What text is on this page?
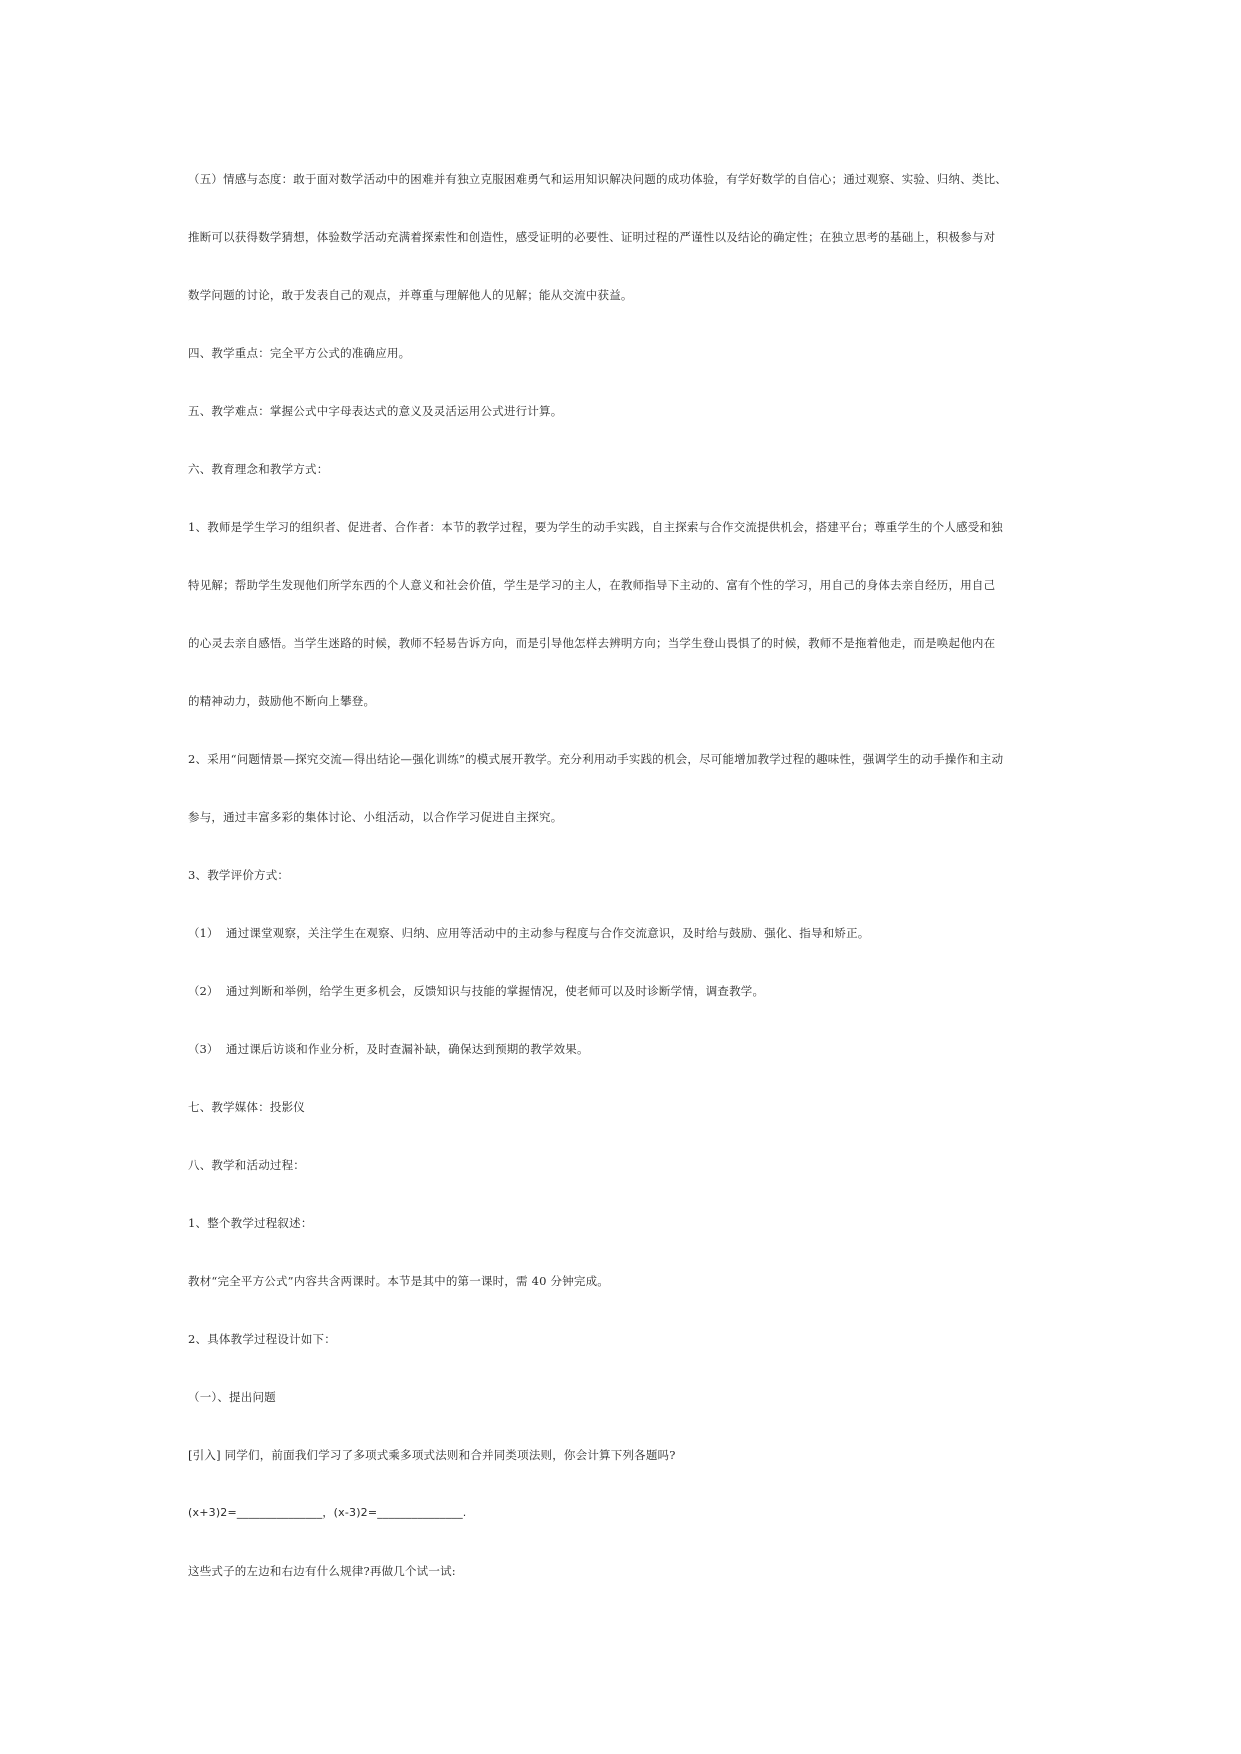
（五）情感与态度：敢于面对数学活动中的困难并有独立克服困难勇气和运用知识解决问题的成功体验，有学好数学的自信心；通过观察、实验、归纳、类比、
推断可以获得数学猜想，体验数学活动充满着探索性和创造性，感受证明的必要性、证明过程的严谨性以及结论的确定性；在独立思考的基础上，积极参与对
数学问题的讨论，敢于发表自己的观点，并尊重与理解他人的见解；能从交流中获益。
四、教学重点：完全平方公式的准确应用。
五、教学难点：掌握公式中字母表达式的意义及灵活运用公式进行计算。
六、教育理念和教学方式：
1、教师是学生学习的组织者、促进者、合作者：本节的教学过程，要为学生的动手实践，自主探索与合作交流提供机会，搭建平台；尊重学生的个人感受和独
特见解；帮助学生发现他们所学东西的个人意义和社会价值，学生是学习的主人，在教师指导下主动的、富有个性的学习，用自己的身体去亲自经历，用自己
的心灵去亲自感悟。当学生迷路的时候，教师不轻易告诉方向，而是引导他怎样去辨明方向；当学生登山畏惧了的时候，教师不是拖着他走，而是唤起他内在
的精神动力，鼓励他不断向上攀登。
2、采用“问题情景—探究交流—得出结论—强化训练”的模式展开教学。充分利用动手实践的机会，尽可能增加教学过程的趣味性，强调学生的动手操作和主动
参与，通过丰富多彩的集体讨论、小组活动，以合作学习促进自主探究。
3、教学评价方式：
（1） 通过课堂观察，关注学生在观察、归纳、应用等活动中的主动参与程度与合作交流意识，及时给与鼓励、强化、指导和矫正。
（2） 通过判断和举例，给学生更多机会，反馈知识与技能的掌握情况，使老师可以及时诊断学情，调查教学。
（3） 通过课后访谈和作业分析，及时查漏补缺，确保达到预期的教学效果。
七、教学媒体：投影仪
八、教学和活动过程：
1、整个教学过程叙述：
教材“完全平方公式”内容共含两课时。本节是其中的第一课时，需 40 分钟完成。
2、具体教学过程设计如下：
（一）、提出问题
[引入] 同学们，前面我们学习了多项式乘多项式法则和合并同类项法则，你会计算下列各题吗?
(x+3)2=_______________，(x-3)2=_______________.
这些式子的左边和右边有什么规律?再做几个试一试:
